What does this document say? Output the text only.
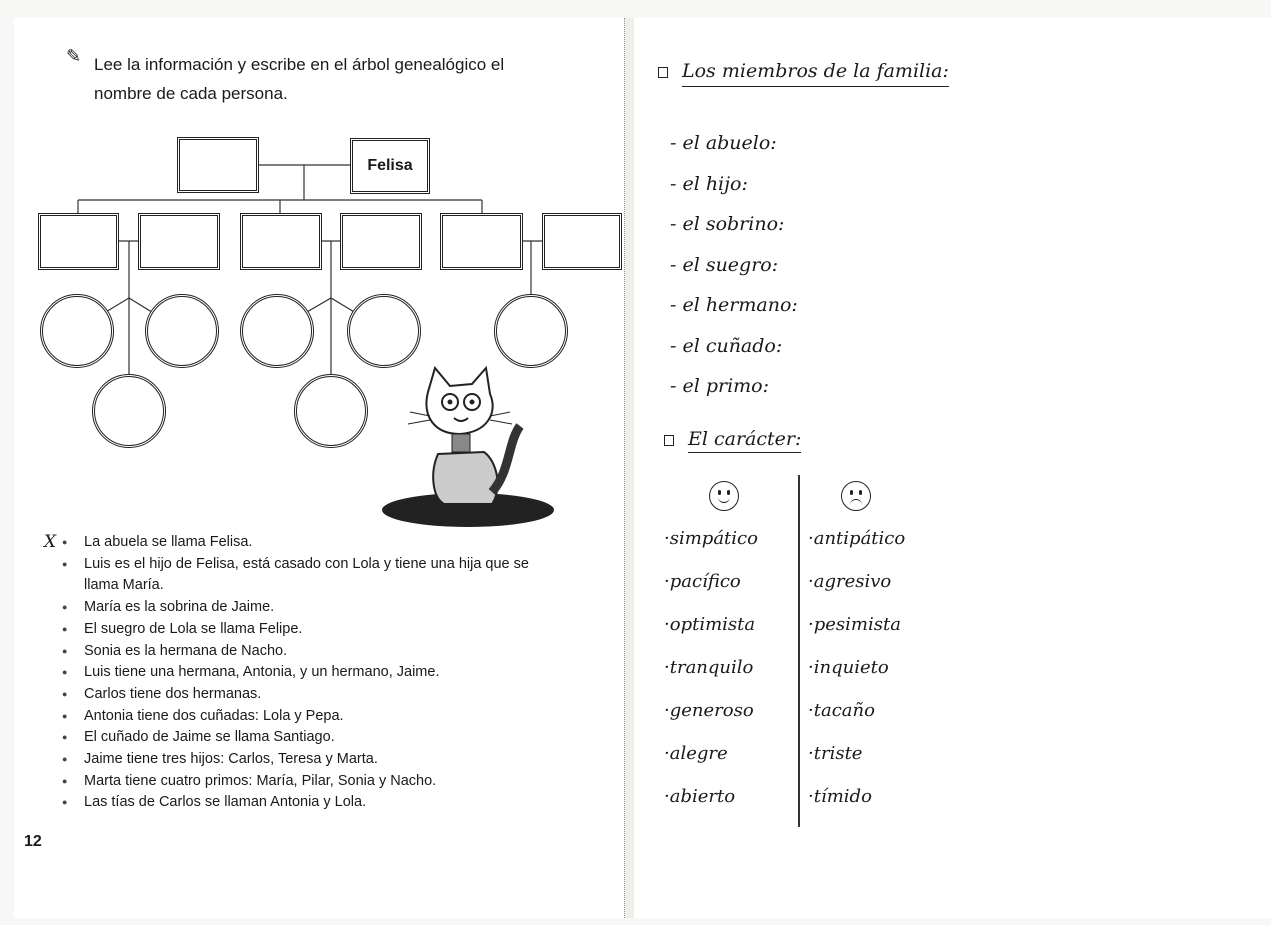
✎ Lee la información y escribe en el árbol genealógico el nombre de cada persona.
Felisa
X
●	La abuela se llama Felisa.
● Luis es el hijo de Felisa, está casado con Lola y tiene una hija que se llama María.
● María es la sobrina de Jaime.
● El suegro de Lola se llama Felipe.
● Sonia es la hermana de Nacho.
● Luis tiene una hermana, Antonia, y un hermano, Jaime.
● Carlos tiene dos hermanas.
● Antonia tiene dos cuñadas: Lola y Pepa.
● El cuñado de Jaime se llama Santiago.
● Jaime tiene tres hijos: Carlos, Teresa y Marta.
● Marta tiene cuatro primos: María, Pilar, Sonia y Nacho.
● Las tías de Carlos se llaman Antonia y Lola.
12
Los miembros de la familia:
- el abuelo:
- el hijo:
- el sobrino:
- el suegro:
- el hermano:
- el cuñado:
- el primo:
El carácter:
· simpático
· pacífico
· optimista
· tranquilo
· generoso
· alegre
· abierto
· antipático
· agresivo
· pesimista
· inquieto
· tacaño
· triste
· tímido
